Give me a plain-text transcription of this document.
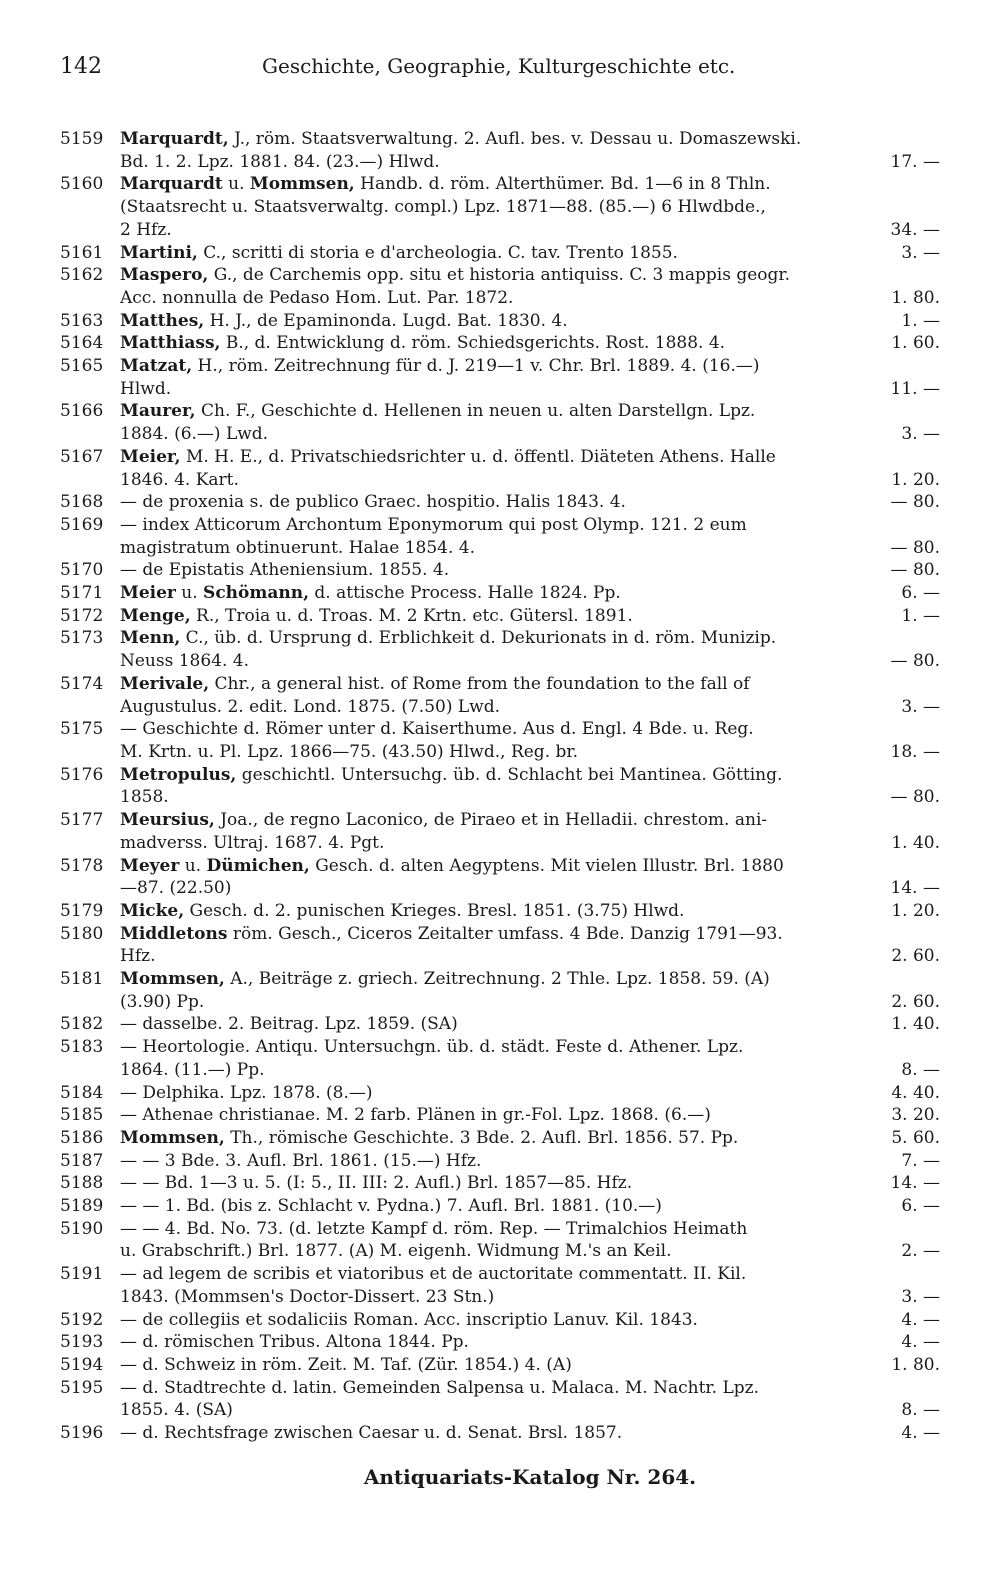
142	Geschichte, Geographie, Kulturgeschichte etc.
5159 Marquardt, J., röm. Staatsverwaltung. 2. Aufl. bes. v. Dessau u. Domaszewski.
Bd. 1. 2. Lpz. 1881. 84. (23.—) Hlwd.	17. —
5160 Marquardt u. Mommsen, Handb. d. röm. Alterthümer. Bd. 1—6 in 8 Thln.
(Staatsrecht u. Staatsverwaltg. compl.) Lpz. 1871—88. (85.—) 6 Hlwdbde.,
2 Hfz.	34. —
5161 Martini, C., scritti di storia e d'archeologia. C. tav. Trento 1855.	3. —
5162 Maspero, G., de Carchemis opp. situ et historia antiquiss. C. 3 mappis geogr.
Acc. nonnulla de Pedaso Hom. Lut. Par. 1872.	1. 80.
5163 Matthes, H. J., de Epaminonda. Lugd. Bat. 1830. 4.	1. —
5164 Matthiass, B., d. Entwicklung d. röm. Schiedsgerichts. Rost. 1888. 4.	1. 60.
5165 Matzat, H., röm. Zeitrechnung für d. J. 219—1 v. Chr. Brl. 1889. 4. (16.—)
Hlwd.	11. —
5166 Maurer, Ch. F., Geschichte d. Hellenen in neuen u. alten Darstellgn. Lpz.
1884. (6.—) Lwd.	3. —
5167 Meier, M. H. E., d. Privatschiedsrichter u. d. öffentl. Diäteten Athens. Halle
1846. 4. Kart.	1. 20.
5168 — de proxenia s. de publico Graec. hospitio. Halis 1843. 4.	— 80.
5169 — index Atticorum Archontum Eponymorum qui post Olymp. 121. 2 eum
magistratum obtinuerunt. Halae 1854. 4.	— 80.
5170 — de Epistatis Atheniensium. 1855. 4.	— 80.
5171 Meier u. Schömann, d. attische Process. Halle 1824. Pp.	6. —
5172 Menge, R., Troia u. d. Troas. M. 2 Krtn. etc. Gütersl. 1891.	1. —
5173 Menn, C., üb. d. Ursprung d. Erblichkeit d. Dekurionats in d. röm. Munizip.
Neuss 1864. 4.	— 80.
5174 Merivale, Chr., a general hist. of Rome from the foundation to the fall of
Augustulus. 2. edit. Lond. 1875. (7.50) Lwd.	3. —
5175 — Geschichte d. Römer unter d. Kaiserthume. Aus d. Engl. 4 Bde. u. Reg.
M. Krtn. u. Pl. Lpz. 1866—75. (43.50) Hlwd., Reg. br.	18. —
5176 Metropulus, geschichtl. Untersuchg. üb. d. Schlacht bei Mantinea. Götting.
1858.	— 80.
5177 Meursius, Joa., de regno Laconico, de Piraeo et in Helladii. chrestom. ani-
madverss. Ultraj. 1687. 4. Pgt.	1. 40.
5178 Meyer u. Dümichen, Gesch. d. alten Aegyptens. Mit vielen Illustr. Brl. 1880
—87. (22.50)	14. —
5179 Micke, Gesch. d. 2. punischen Krieges. Bresl. 1851. (3.75) Hlwd.	1. 20.
5180 Middletons röm. Gesch., Ciceros Zeitalter umfass. 4 Bde. Danzig 1791—93.
Hfz.	2. 60.
5181 Mommsen, A., Beiträge z. griech. Zeitrechnung. 2 Thle. Lpz. 1858. 59. (A)
(3.90) Pp.	2. 60.
5182 — dasselbe. 2. Beitrag. Lpz. 1859. (SA)	1. 40.
5183 — Heortologie. Antiqu. Untersuchgn. üb. d. städt. Feste d. Athener. Lpz.
1864. (11.—) Pp.	8. —
5184 — Delphika. Lpz. 1878. (8.—)	4. 40.
5185 — Athenae christianae. M. 2 farb. Plänen in gr.-Fol. Lpz. 1868. (6.—)	3. 20.
5186 Mommsen, Th., römische Geschichte. 3 Bde. 2. Aufl. Brl. 1856. 57. Pp.	5. 60.
5187 — — 3 Bde. 3. Aufl. Brl. 1861. (15.—) Hfz.	7. —
5188 — — Bd. 1—3 u. 5. (I: 5., II. III: 2. Aufl.) Brl. 1857—85. Hfz.	14. —
5189 — — 1. Bd. (bis z. Schlacht v. Pydna.) 7. Aufl. Brl. 1881. (10.—)	6. —
5190 — — 4. Bd. No. 73. (d. letzte Kampf d. röm. Rep. — Trimalchios Heimath
u. Grabschrift.) Brl. 1877. (A) M. eigenh. Widmung M.'s an Keil.	2. —
5191 — ad legem de scribis et viatoribus et de auctoritate commentatt. II. Kil.
1843. (Mommsen's Doctor-Dissert. 23 Stn.)	3. —
5192 — de collegiis et sodaliciis Roman. Acc. inscriptio Lanuv. Kil. 1843.	4. —
5193 — d. römischen Tribus. Altona 1844. Pp.	4. —
5194 — d. Schweiz in röm. Zeit. M. Taf. (Zür. 1854.) 4. (A)	1. 80.
5195 — d. Stadtrechte d. latin. Gemeinden Salpensa u. Malaca. M. Nachtr. Lpz.
1855. 4. (SA)	8. —
5196 — d. Rechtsfrage zwischen Caesar u. d. Senat. Brsl. 1857.	4. —
Antiquariats-Katalog Nr. 264.
